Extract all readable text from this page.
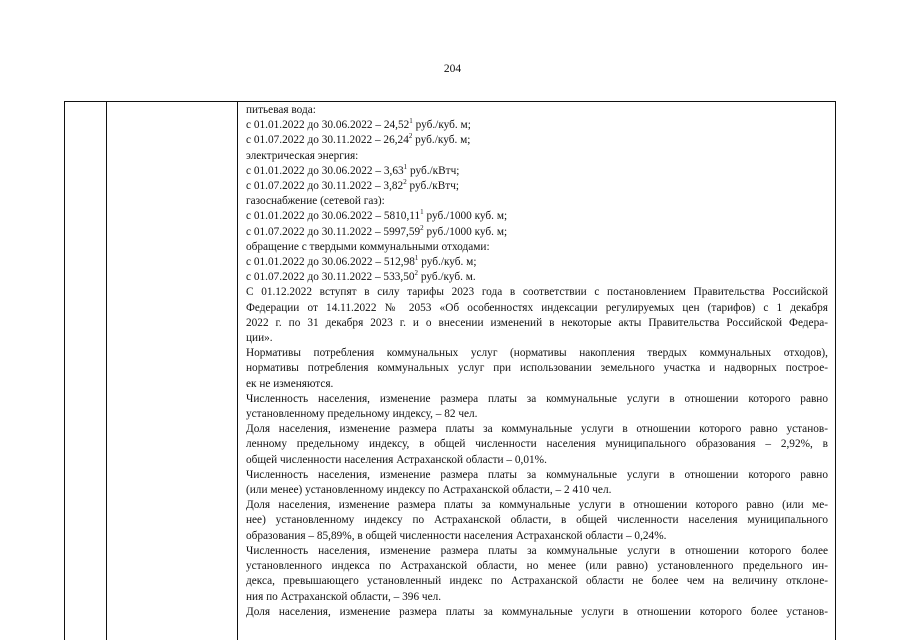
204
питьевая вода:
с 01.01.2022 до 30.06.2022 – 24,52$^1$ руб./куб. м;
с 01.07.2022 до 30.11.2022 – 26,24$^2$ руб./куб. м;
электрическая энергия:
с 01.01.2022 до 30.06.2022 – 3,63$^1$ руб./кВтч;
с 01.07.2022 до 30.11.2022 – 3,82$^2$ руб./кВтч;
газоснабжение (сетевой газ):
с 01.01.2022 до 30.06.2022 – 5810,11$^1$ руб./1000 куб. м;
с 01.07.2022 до 30.11.2022 – 5997,59$^2$ руб./1000 куб. м;
обращение с твердыми коммунальными отходами:
с 01.01.2022 до 30.06.2022 – 512,98$^1$ руб./куб. м;
с 01.07.2022 до 30.11.2022 – 533,50$^2$ руб./куб. м.
С 01.12.2022 вступят в силу тарифы 2023 года в соответствии с постановлением Правительства Российской
Федерации от 14.11.2022 № 2053 «Об особенностях индексации регулируемых цен (тарифов) с 1 декабря
2022 г. по 31 декабря 2023 г. и о внесении изменений в некоторые акты Правительства Российской Федера-
ции».
Нормативы потребления коммунальных услуг (нормативы накопления твердых коммунальных отходов),
нормативы потребления коммунальных услуг при использовании земельного участка и надворных построе-
ек не изменяются.
Численность населения, изменение размера платы за коммунальные услуги в отношении которого равно
установленному предельному индексу, – 82 чел.
Доля населения, изменение размера платы за коммунальные услуги в отношении которого равно установ-
ленному предельному индексу, в общей численности населения муниципального образования – 2,92%, в
общей численности населения Астраханской области – 0,01%.
Численность населения, изменение размера платы за коммунальные услуги в отношении которого равно
(или менее) установленному индексу по Астраханской области, – 2 410 чел.
Доля населения, изменение размера платы за коммунальные услуги в отношении которого равно (или ме-
нее) установленному индексу по Астраханской области, в общей численности населения муниципального
образования – 85,89%, в общей численности населения Астраханской области – 0,24%.
Численность населения, изменение размера платы за коммунальные услуги в отношении которого более
установленного индекса по Астраханской области, но менее (или равно) установленного предельного ин-
декса, превышающего установленный индекс по Астраханской области не более чем на величину отклоне-
ния по Астраханской области, – 396 чел.
Доля населения, изменение размера платы за коммунальные услуги в отношении которого более установ-
